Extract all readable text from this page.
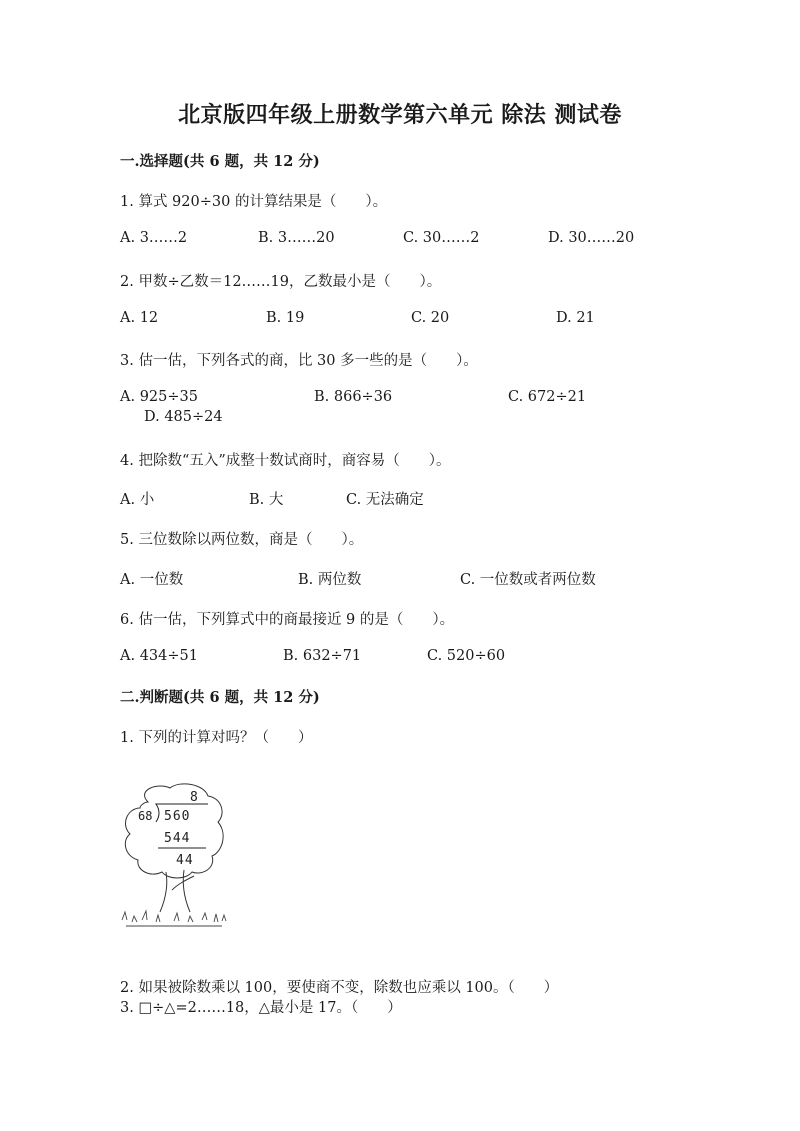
北京版四年级上册数学第六单元 除法 测试卷
一.选择题(共 6 题，共 12 分)
1. 算式 920÷30 的计算结果是（　　）。
A. 3……2	B. 3……20	C. 30……2	D. 30……20
2. 甲数÷乙数＝12……19，乙数最小是（　　）。
A. 12	B. 19	C. 20	D. 21
3. 估一估，下列各式的商，比 30 多一些的是（　　）。
A. 925÷35	B. 866÷36	C. 672÷21
D. 485÷24
4. 把除数“五入”成整十数试商时，商容易（　　）。
A. 小	B. 大	C. 无法确定
5. 三位数除以两位数，商是（　　）。
A. 一位数	B. 两位数	C. 一位数或者两位数
6. 估一估，下列算式中的商最接近 9 的是（　　）。
A. 434÷51	B. 632÷71	C. 520÷60
二.判断题(共 6 题，共 12 分)
1. 下列的计算对吗？（　　）
8
68 560
544
44
2. 如果被除数乘以 100，要使商不变，除数也应乘以 100。（　　）
3. □÷△=2……18，△最小是 17。（　　）
